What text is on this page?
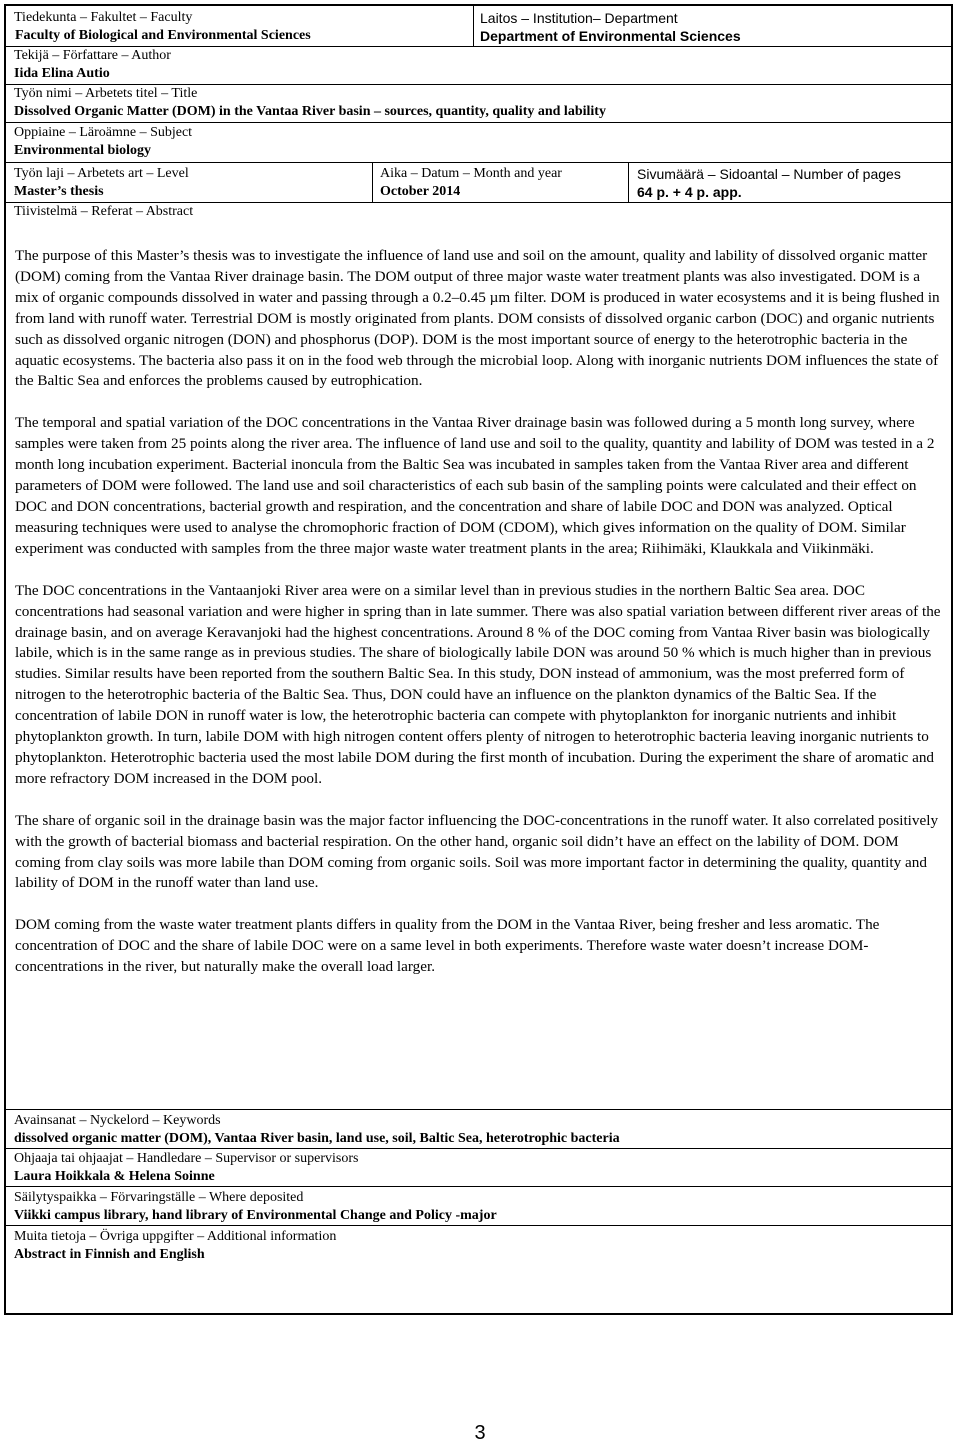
Tiedekunta – Fakultet – Faculty
Faculty of Biological and Environmental Sciences
Laitos – Institution– Department
Department of Environmental Sciences
Tekijä – Författare – Author
Iida Elina Autio
Työn nimi – Arbetets titel – Title
Dissolved Organic Matter (DOM) in the Vantaa River basin – sources, quantity, quality and lability
Oppiaine – Läroämne – Subject
Environmental biology
Työn laji – Arbetets art – Level
Master’s thesis
Aika – Datum – Month and year
October 2014
Sivumäärä – Sidoantal – Number of pages
64 p. + 4 p. app.
Tiivistelmä – Referat – Abstract

The purpose of this Master’s thesis was to investigate the influence of land use and soil on the amount, quality and lability of dissolved organic matter (DOM) coming from the Vantaa River drainage basin. The DOM output of three major waste water treatment plants was also investigated. DOM is a mix of organic compounds dissolved in water and passing through a 0.2–0.45 µm filter. DOM is produced in water ecosystems and it is being flushed in from land with runoff water. Terrestrial DOM is mostly originated from plants. DOM consists of dissolved organic carbon (DOC) and organic nutrients such as dissolved organic nitrogen (DON) and phosphorus (DOP). DOM is the most important source of energy to the heterotrophic bacteria in the aquatic ecosystems. The bacteria also pass it on in the food web through the microbial loop. Along with inorganic nutrients DOM influences the state of the Baltic Sea and enforces the problems caused by eutrophication.

The temporal and spatial variation of the DOC concentrations in the Vantaa River drainage basin was followed during a 5 month long survey, where samples were taken from 25 points along the river area. The influence of land use and soil to the quality, quantity and lability of DOM was tested in a 2 month long incubation experiment. Bacterial inoncula from the Baltic Sea was incubated in samples taken from the Vantaa River area and different parameters of DOM were followed. The land use and soil characteristics of each sub basin of the sampling points were calculated and their effect on DOC and DON concentrations, bacterial growth and respiration, and the concentration and share of labile DOC and DON was analyzed. Optical measuring techniques were used to analyse the chromophoric fraction of DOM (CDOM), which gives information on the quality of DOM. Similar experiment was conducted with samples from the three major waste water treatment plants in the area; Riihimäki, Klaukkala and Viikinmäki.

The DOC concentrations in the Vantaanjoki River area were on a similar level than in previous studies in the northern Baltic Sea area. DOC concentrations had seasonal variation and were higher in spring than in late summer. There was also spatial variation between different river areas of the drainage basin, and on average Keravanjoki had the highest concentrations. Around 8 % of the DOC coming from Vantaa River basin was biologically labile, which is in the same range as in previous studies. The share of biologically labile DON was around 50 % which is much higher than in previous studies. Similar results have been reported from the southern Baltic Sea. In this study, DON instead of ammonium, was the most preferred form of nitrogen to the heterotrophic bacteria of the Baltic Sea. Thus, DON could have an influence on the plankton dynamics of the Baltic Sea. If the concentration of labile DON in runoff water is low, the heterotrophic bacteria can compete with phytoplankton for inorganic nutrients and inhibit phytoplankton growth. In turn, labile DOM with high nitrogen content offers plenty of nitrogen to heterotrophic bacteria leaving inorganic nutrients to phytoplankton. Heterotrophic bacteria used the most labile DOM during the first month of incubation. During the experiment the share of aromatic and more refractory DOM increased in the DOM pool.

The share of organic soil in the drainage basin was the major factor influencing the DOC-concentrations in the runoff water. It also correlated positively with the growth of bacterial biomass and bacterial respiration. On the other hand, organic soil didn’t have an effect on the lability of DOM. DOM coming from clay soils was more labile than DOM coming from organic soils. Soil was more important factor in determining the quality, quantity and lability of DOM in the runoff water than land use.

DOM coming from the waste water treatment plants differs in quality from the DOM in the Vantaa River, being fresher and less aromatic. The concentration of DOC and the share of labile DOC were on a same level in both experiments. Therefore waste water doesn’t increase DOM-concentrations in the river, but naturally make the overall load larger.

Avainsanat – Nyckelord – Keywords
dissolved organic matter (DOM), Vantaa River basin, land use, soil, Baltic Sea, heterotrophic bacteria
Ohjaaja tai ohjaajat – Handledare – Supervisor or supervisors
Laura Hoikkala & Helena Soinne
Säilytyspaikka – Förvaringställe – Where deposited
Viikki campus library, hand library of Environmental Change and Policy -major
Muita tietoja – Övriga uppgifter – Additional information
Abstract in Finnish and English
3
